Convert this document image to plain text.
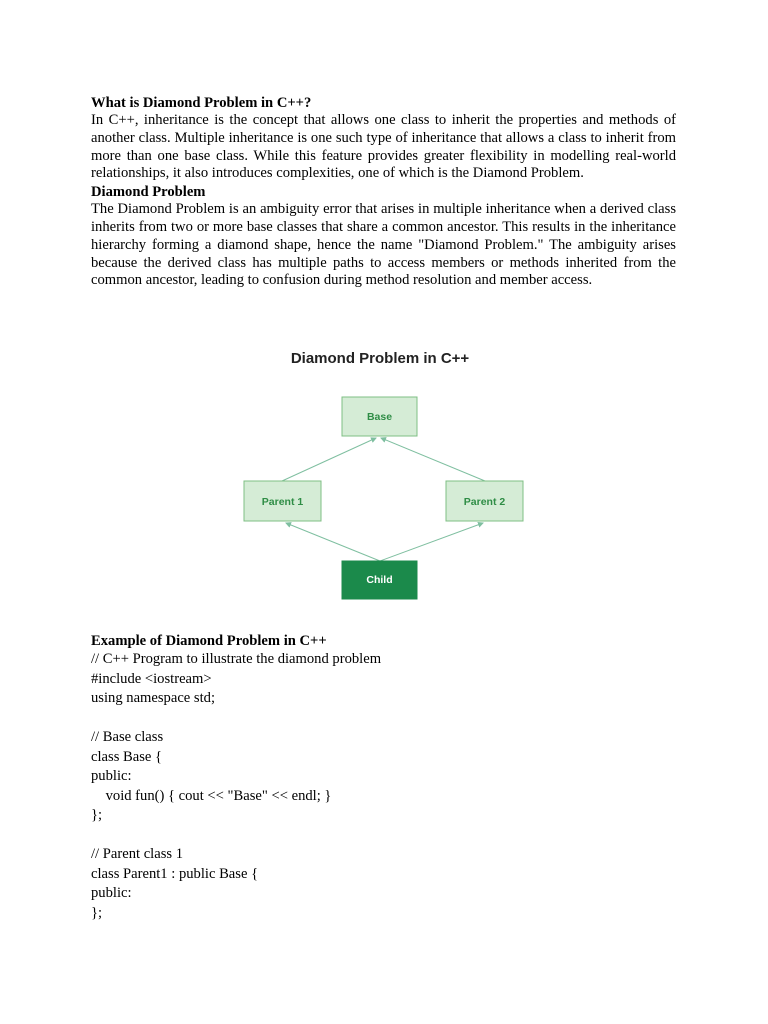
What is Diamond Problem in C++?

In C++, inheritance is the concept that allows one class to inherit the properties and methods of another class. Multiple inheritance is one such type of inheritance that allows a class to inherit from more than one base class. While this feature provides greater flexibility in modelling real-world relationships, it also introduces complexities, one of which is the Diamond Problem.

Diamond Problem

The Diamond Problem is an ambiguity error that arises in multiple inheritance when a derived class inherits from two or more base classes that share a common ancestor. This results in the inheritance hierarchy forming a diamond shape, hence the name "Diamond Problem." The ambiguity arises because the derived class has multiple paths to access members or methods inherited from the common ancestor, leading to confusion during method resolution and member access.

Diamond Problem in C++
Base
Parent 1	Parent 2
Child

Example of Diamond Problem in C++

// C++ Program to illustrate the diamond problem

#include <iostream>

using namespace std;

// Base class

class Base {

public:

void fun() { cout << "Base" << endl; }

};

// Parent class 1

class Parent1 : public Base {

public:

};
